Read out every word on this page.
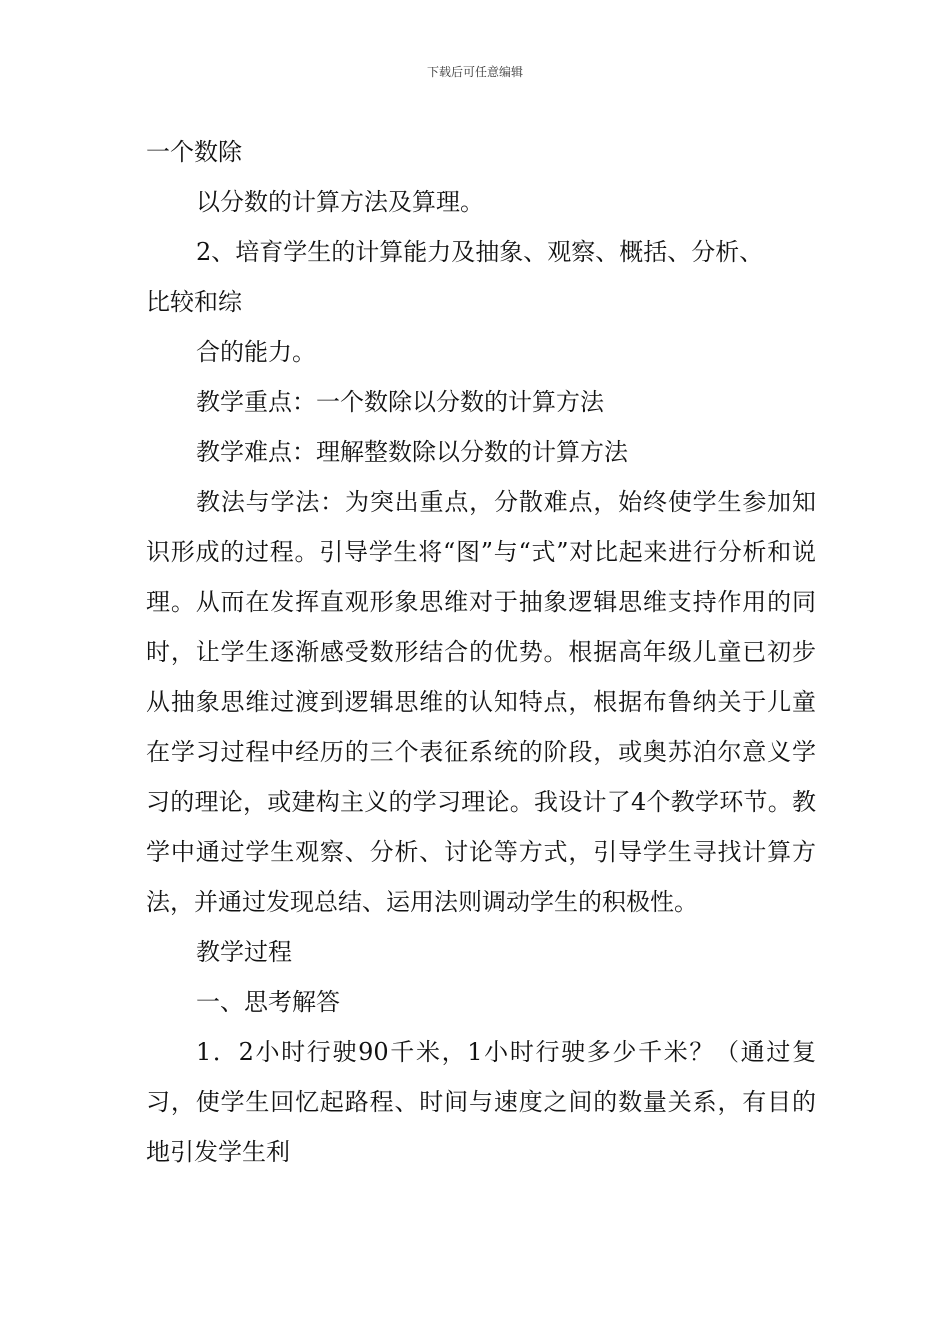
下载后可任意编辑

一个数除

以分数的计算方法及算理。

2、培育学生的计算能力及抽象、观察、概括、分析、

比较和综

合的能力。

教学重点：一个数除以分数的计算方法

教学难点：理解整数除以分数的计算方法

教法与学法：为突出重点，分散难点，始终使学生参加知识形成的过程。引导学生将“图”与“式”对比起来进行分析和说理。从而在发挥直观形象思维对于抽象逻辑思维支持作用的同时，让学生逐渐感受数形结合的优势。根据高年级儿童已初步从抽象思维过渡到逻辑思维的认知特点，根据布鲁纳关于儿童在学习过程中经历的三个表征系统的阶段，或奥苏泊尔意义学习的理论，或建构主义的学习理论。我设计了4个教学环节。教学中通过学生观察、分析、讨论等方式，引导学生寻找计算方法，并通过发现总结、运用法则调动学生的积极性。

教学过程

一、思考解答

1．2小时行驶90千米，1小时行驶多少千米？（通过复习，使学生回忆起路程、时间与速度之间的数量关系，有目的地引发学生利
